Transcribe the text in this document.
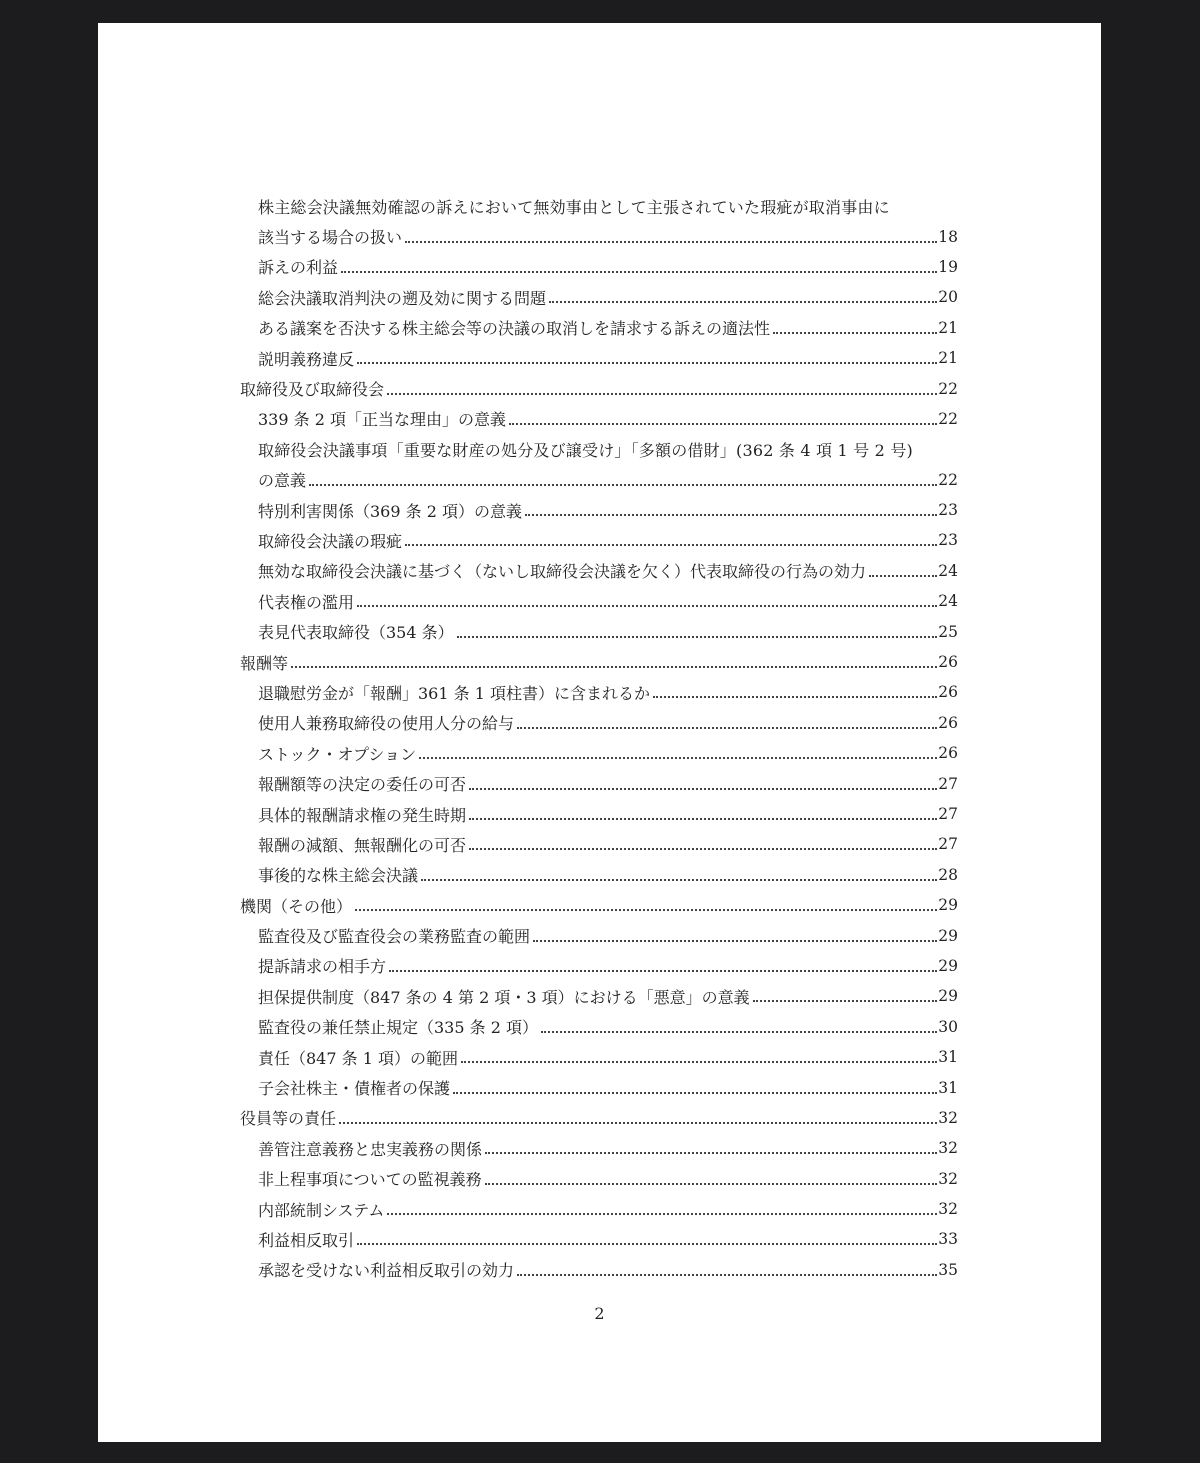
株主総会決議無効確認の訴えにおいて無効事由として主張されていた瑕疵が取消事由に
該当する場合の扱い	18
訴えの利益	19
総会決議取消判決の遡及効に関する問題	20
ある議案を否決する株主総会等の決議の取消しを請求する訴えの適法性	21
説明義務違反	21
取締役及び取締役会	22
339 条 2 項「正当な理由」の意義	22
取締役会決議事項「重要な財産の処分及び譲受け」「多額の借財」(362 条 4 項 1 号 2 号)
の意義	22
特別利害関係（369 条 2 項）の意義	23
取締役会決議の瑕疵	23
無効な取締役会決議に基づく（ないし取締役会決議を欠く）代表取締役の行為の効力	24
代表権の濫用	24
表見代表取締役（354 条）	25
報酬等	26
退職慰労金が「報酬」361 条 1 項柱書）に含まれるか	26
使用人兼務取締役の使用人分の給与	26
ストック・オプション	26
報酬額等の決定の委任の可否	27
具体的報酬請求権の発生時期	27
報酬の減額、無報酬化の可否	27
事後的な株主総会決議	28
機関（その他）	29
監査役及び監査役会の業務監査の範囲	29
提訴請求の相手方	29
担保提供制度（847 条の 4 第 2 項・3 項）における「悪意」の意義	29
監査役の兼任禁止規定（335 条 2 項）	30
責任（847 条 1 項）の範囲	31
子会社株主・債権者の保護	31
役員等の責任	32
善管注意義務と忠実義務の関係	32
非上程事項についての監視義務	32
内部統制システム	32
利益相反取引	33
承認を受けない利益相反取引の効力	35
2
